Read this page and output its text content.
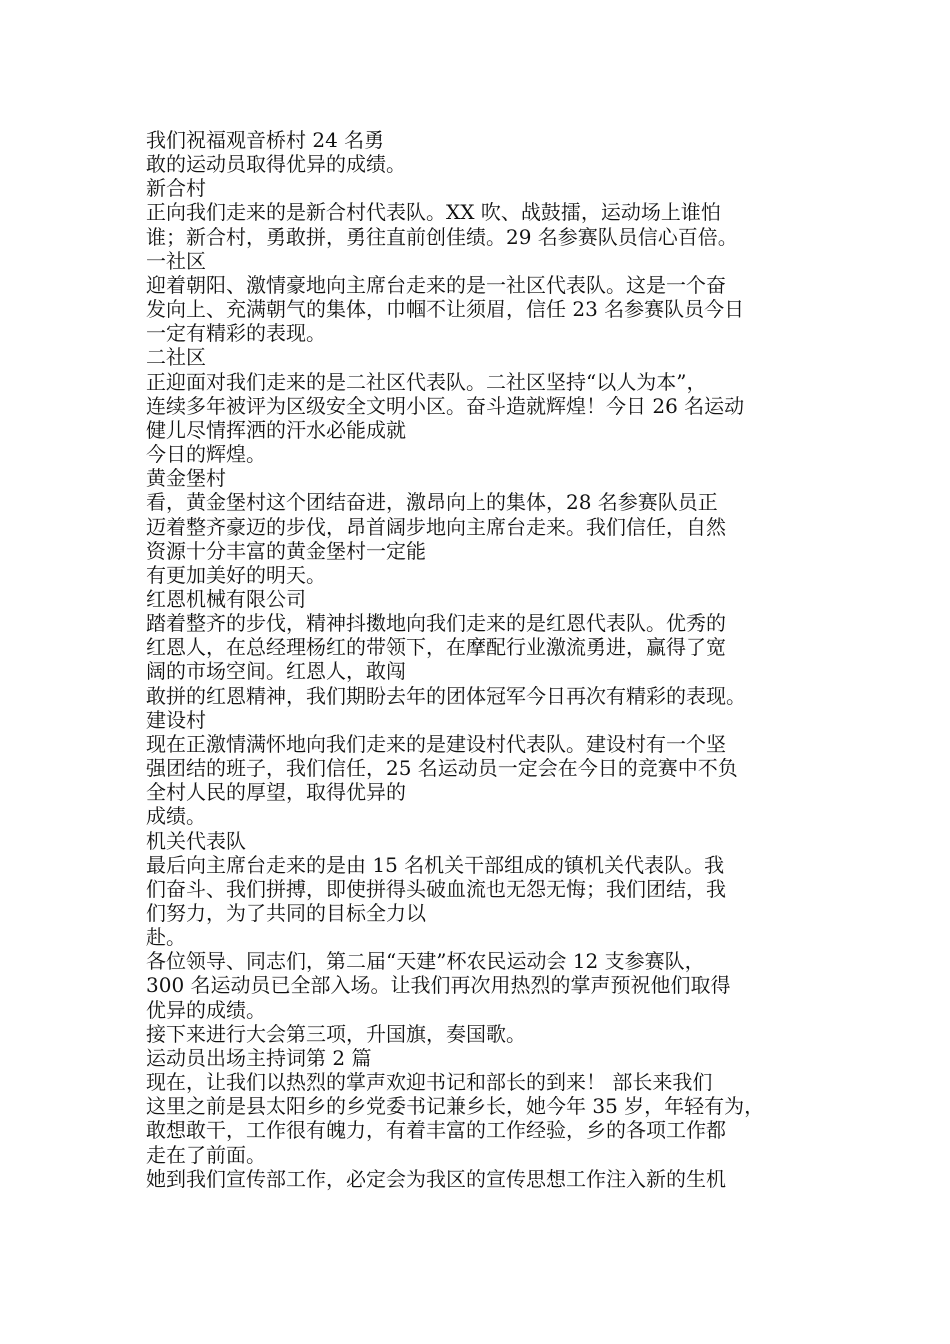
我们祝福观音桥村 24 名勇
敢的运动员取得优异的成绩。
新合村
正向我们走来的是新合村代表队。XX 吹、战鼓擂，运动场上谁怕
谁；新合村，勇敢拼，勇往直前创佳绩。29 名参赛队员信心百倍。
一社区
迎着朝阳、激情豪地向主席台走来的是一社区代表队。这是一个奋
发向上、充满朝气的集体，巾帼不让须眉，信任 23 名参赛队员今日
一定有精彩的表现。
二社区
正迎面对我们走来的是二社区代表队。二社区坚持“以人为本”，
连续多年被评为区级安全文明小区。奋斗造就辉煌！今日 26 名运动
健儿尽情挥洒的汗水必能成就
今日的辉煌。
黄金堡村
看，黄金堡村这个团结奋进，激昂向上的集体，28 名参赛队员正
迈着整齐豪迈的步伐，昂首阔步地向主席台走来。我们信任，自然
资源十分丰富的黄金堡村一定能
有更加美好的明天。
红恩机械有限公司
踏着整齐的步伐，精神抖擞地向我们走来的是红恩代表队。优秀的
红恩人，在总经理杨红的带领下，在摩配行业激流勇进，赢得了宽
阔的市场空间。红恩人，敢闯
敢拼的红恩精神，我们期盼去年的团体冠军今日再次有精彩的表现。
建设村
现在正激情满怀地向我们走来的是建设村代表队。建设村有一个坚
强团结的班子，我们信任，25 名运动员一定会在今日的竞赛中不负
全村人民的厚望，取得优异的
成绩。
机关代表队
最后向主席台走来的是由 15 名机关干部组成的镇机关代表队。我
们奋斗、我们拼搏，即使拼得头破血流也无怨无悔；我们团结，我
们努力，为了共同的目标全力以
赴。
各位领导、同志们，第二届“天建”杯农民运动会 12 支参赛队，
300 名运动员已全部入场。让我们再次用热烈的掌声预祝他们取得
优异的成绩。
接下来进行大会第三项，升国旗，奏国歌。
运动员出场主持词第 2 篇
现在，让我们以热烈的掌声欢迎书记和部长的到来！ 部长来我们
这里之前是县太阳乡的乡党委书记兼乡长，她今年 35 岁，年轻有为，
敢想敢干，工作很有魄力，有着丰富的工作经验，乡的各项工作都
走在了前面。
她到我们宣传部工作，必定会为我区的宣传思想工作注入新的生机
